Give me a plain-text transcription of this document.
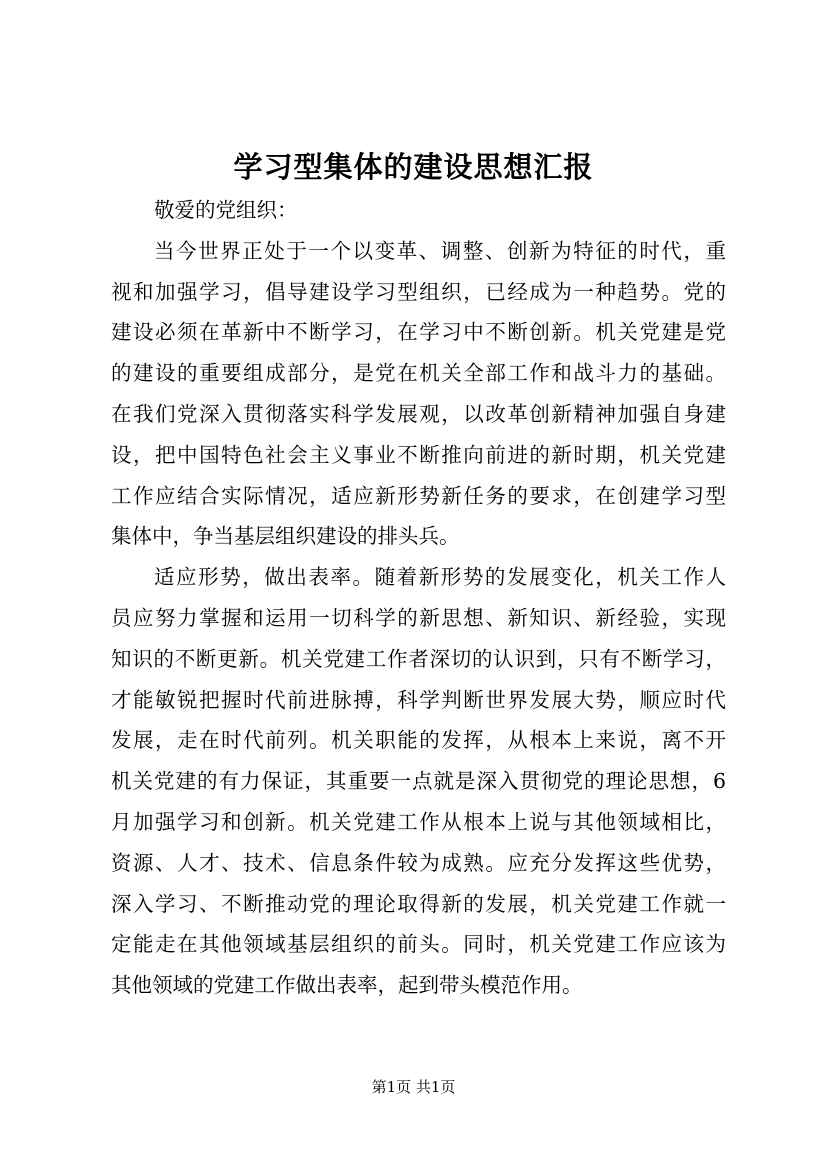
学习型集体的建设思想汇报
敬爱的党组织：
当今世界正处于一个以变革、调整、创新为特征的时代，重
视和加强学习，倡导建设学习型组织，已经成为一种趋势。党的
建设必须在革新中不断学习，在学习中不断创新。机关党建是党
的建设的重要组成部分，是党在机关全部工作和战斗力的基础。
在我们党深入贯彻落实科学发展观，以改革创新精神加强自身建
设，把中国特色社会主义事业不断推向前进的新时期，机关党建
工作应结合实际情况，适应新形势新任务的要求，在创建学习型
集体中，争当基层组织建设的排头兵。
适应形势，做出表率。随着新形势的发展变化，机关工作人
员应努力掌握和运用一切科学的新思想、新知识、新经验，实现
知识的不断更新。机关党建工作者深切的认识到，只有不断学习，
才能敏锐把握时代前进脉搏，科学判断世界发展大势，顺应时代
发展，走在时代前列。机关职能的发挥，从根本上来说，离不开
机关党建的有力保证，其重要一点就是深入贯彻党的理论思想，6
月加强学习和创新。机关党建工作从根本上说与其他领域相比，
资源、人才、技术、信息条件较为成熟。应充分发挥这些优势，
深入学习、不断推动党的理论取得新的发展，机关党建工作就一
定能走在其他领域基层组织的前头。同时，机关党建工作应该为
其他领域的党建工作做出表率，起到带头模范作用。
第1页 共1页
